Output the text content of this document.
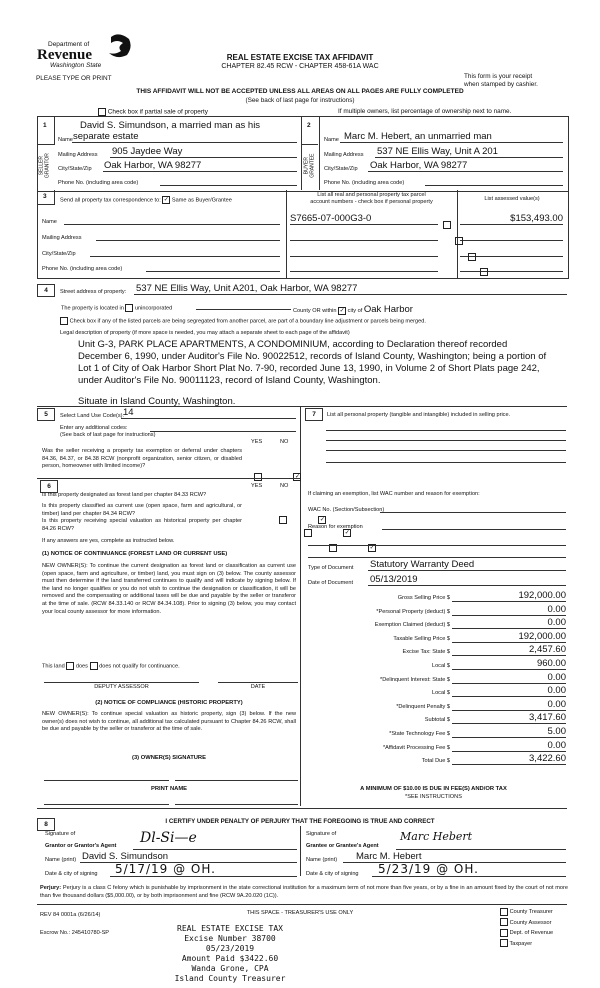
Department of
Revenue
Washington State
PLEASE TYPE OR PRINT
REAL ESTATE EXCISE TAX AFFIDAVIT
CHAPTER 82.45 RCW - CHAPTER 458-61A WAC
This form is your receipt
when stamped by cashier.
THIS AFFIDAVIT WILL NOT BE ACCEPTED UNLESS ALL AREAS ON ALL PAGES ARE FULLY COMPLETED
(See back of last page for instructions)
Check box if partial sale of property	If multiple owners, list percentage of ownership next to name.
1
SELLER
GRANTOR
2
BUYER
GRANTEE
David S. Simundson, a married man as his
Name separate estate
Mailing Address 905 Jaydee Way
City/State/Zip Oak Harbor, WA 98277
Phone No. (including area code)
Name Marc M. Hebert, an unmarried man
Mailing Address 537 NE Ellis Way, Unit A 201
City/State/Zip Oak Harbor, WA 98277
Phone No. (including area code)
3
Send all property tax correspondence to: ✓ Same as Buyer/Grantee
List all real and personal property tax parcel
account numbers - check box if personal property	List assessed value(s)
Name
Mailing Address
City/State/Zip
Phone No. (including area code)
S7665-07-000G3-0	$153,493.00

4	Street address of property: 537 NE Ellis Way, Unit A201, Oak Harbor, WA 98277
The property is located in unincorporated	County OR within ✓ city of Oak Harbor
Check box if any of the listed parcels are being segregated from another parcel, are part of a boundary line adjustment or parcels being merged.
Legal description of property (if more space is needed, you may attach a separate sheet to each page of the affidavit)
Unit G-3, PARK PLACE APARTMENTS, A CONDOMINIUM, according to Declaration thereof recorded
December 6, 1990, under Auditor's File No. 90022512, records of Island County, Washington; being a portion of
Lot 1 of City of Oak Harbor Short Plat No. 7-90, recorded June 13, 1990, in Volume 2 of Short Plats page 242,
under Auditor's File No. 90011123, record of Island County, Washington.
Situate in Island County, Washington.
5	Select Land Use Code(s):
14
Enter any additional codes:
(See back of last page for instructions)
YES	NO
Was the seller receiving a property tax exemption or deferral under chapters 84.36, 84.37, or 84.38 RCW (nonprofit organization, senior citizen, or disabled person, homeowner with limited income)?
✓
6	YES	NO
Is this property designated as forest land per chapter 84.33 RCW?
✓
Is this property classified as current use (open space, farm and agricultural, or timber) land per chapter 84.34 RCW?
✓
Is this property receiving special valuation as historical property per chapter 84.26 RCW?
✓
If any answers are yes, complete as instructed below.
(1) NOTICE OF CONTINUANCE (FOREST LAND OR CURRENT USE)
NEW OWNER(S): To continue the current designation as forest land or classification as current use (open space, farm and agriculture, or timber) land, you must sign on (3) below. The county assessor must then determine if the land transferred continues to qualify and will indicate by signing below. If the land no longer qualifies or you do not wish to continue the designation or classification, it will be removed and the compensating or additional taxes will be due and payable by the seller or transferor at the time of sale. (RCW 84.33.140 or RCW 84.34.108). Prior to signing (3) below, you may contact your local county assessor for more information.
This land does does not qualify for continuance.
DEPUTY ASSESSOR	DATE
(2) NOTICE OF COMPLIANCE (HISTORIC PROPERTY)
NEW OWNER(S): To continue special valuation as historic property, sign (3) below. If the new owner(s) does not wish to continue, all additional tax calculated pursuant to Chapter 84.26 RCW, shall be due and payable by the seller or transferor at the time of sale.
(3) OWNER(S) SIGNATURE
PRINT NAME
7	List all personal property (tangible and intangible) included in selling price.
If claiming an exemption, list WAC number and reason for exemption:
WAC No. (Section/Subsection)
Reason for exemption
Type of Document Statutory Warranty Deed
Date of Document 05/13/2019
Gross Selling Price $	192,000.00
*Personal Property (deduct) $	0.00
Exemption Claimed (deduct) $	0.00
Taxable Selling Price $	192,000.00
Excise Tax: State $	2,457.60
Local $	960.00
*Delinquent Interest: State $	0.00
Local $	0.00
*Delinquent Penalty $	0.00
Subtotal $	3,417.60
*State Technology Fee $	5.00
*Affidavit Processing Fee $	0.00
Total Due $	3,422.60
A MINIMUM OF $10.00 IS DUE IN FEE(S) AND/OR TAX
*SEE INSTRUCTIONS
8	I CERTIFY UNDER PENALTY OF PERJURY THAT THE FOREGOING IS TRUE AND CORRECT
Signature of
Grantor or Grantor's Agent Dl-Si—e
Name (print) David S. Simundson
Date & city of signing 5/17/19 @ OH.
Signature of
Grantee or Grantee's Agent
Marc Hebert
Name (print) Marc M. Hebert
Date & city of signing 5/23/19 @ OH.
Perjury: Perjury is a class C felony which is punishable by imprisonment in the state correctional institution for a maximum term of not more than five years, or by a fine in an amount fixed by the court of not more than five thousand dollars ($5,000.00), or by both imprisonment and fine (RCW 9A.20.020 (1C)).
REV 84 0001a (6/26/14)	THIS SPACE - TREASURER'S USE ONLY
Escrow No.: 245410780-SP
County Treasurer
County Assessor
Dept. of Revenue
Taxpayer
REAL ESTATE EXCISE TAX
Excise Number 38700
05/23/2019
Amount Paid $3422.60
Wanda Grone, CPA
Island County Treasurer
